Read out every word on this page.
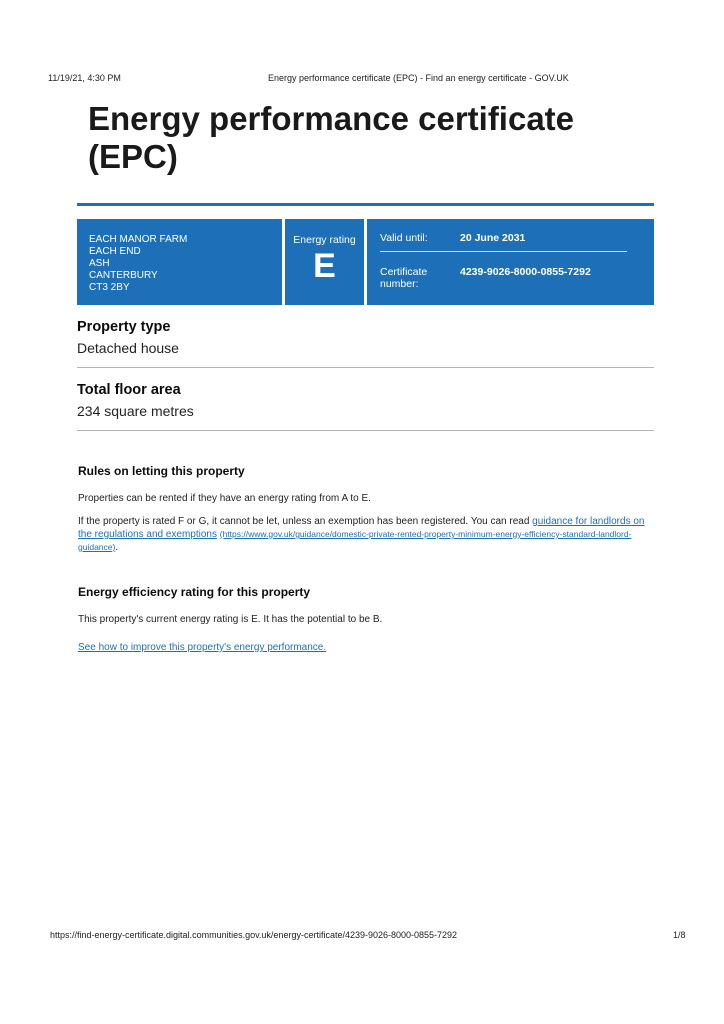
11/19/21, 4:30 PM	Energy performance certificate (EPC) - Find an energy certificate - GOV.UK
Energy performance certificate (EPC)
EACH MANOR FARM
EACH END
ASH
CANTERBURY
CT3 2BY
Energy rating
E
Valid until:	20 June 2031
Certificate number:
4239-9026-8000-0855-7292
Property type
Detached house
Total floor area
234 square metres
Rules on letting this property
Properties can be rented if they have an energy rating from A to E.
If the property is rated F or G, it cannot be let, unless an exemption has been registered. You can read guidance for landlords on the regulations and exemptions (https://www.gov.uk/guidance/domestic-private-rented-property-minimum-energy-efficiency-standard-landlord-guidance).
Energy efficiency rating for this property
This property's current energy rating is E. It has the potential to be B.
See how to improve this property's energy performance.
https://find-energy-certificate.digital.communities.gov.uk/energy-certificate/4239-9026-8000-0855-7292	1/8
